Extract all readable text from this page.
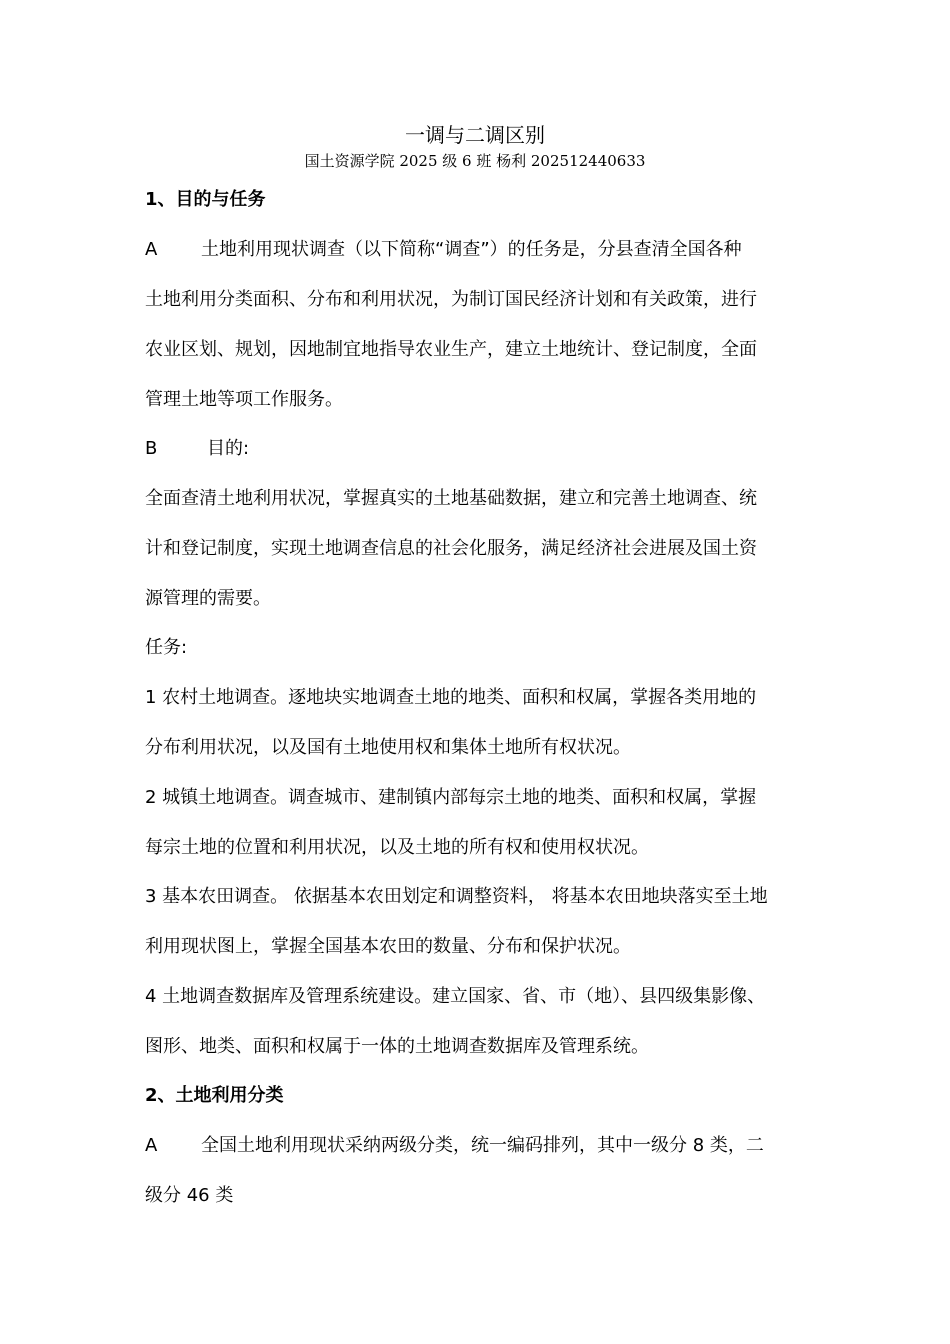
一调与二调区别
国土资源学院 2025 级 6 班 杨利 202512440633
1、目的与任务
A 土地利用现状调查（以下简称“调查”）的任务是，分县查清全国各种
土地利用分类面积、分布和利用状况，为制订国民经济计划和有关政策，进行
农业区划、规划，因地制宜地指导农业生产，建立土地统计、登记制度，全面
管理土地等项工作服务。
B	目的:
全面查清土地利用状况，掌握真实的土地基础数据，建立和完善土地调查、统
计和登记制度，实现土地调查信息的社会化服务，满足经济社会进展及国土资
源管理的需要。
任务:
1 农村土地调查。逐地块实地调查土地的地类、面积和权属，掌握各类用地的
分布利用状况，以及国有土地使用权和集体土地所有权状况。
2 城镇土地调查。调查城市、建制镇内部每宗土地的地类、面积和权属，掌握
每宗土地的位置和利用状况，以及土地的所有权和使用权状况。
3 基本农田调查。 依据基本农田划定和调整资料， 将基本农田地块落实至土地
利用现状图上，掌握全国基本农田的数量、分布和保护状况。
4 土地调查数据库及管理系统建设。建立国家、省、市（地）、县四级集影像、
图形、地类、面积和权属于一体的土地调查数据库及管理系统。
2、土地利用分类
A 全国土地利用现状采纳两级分类，统一编码排列，其中一级分 8 类，二
级分 46 类
